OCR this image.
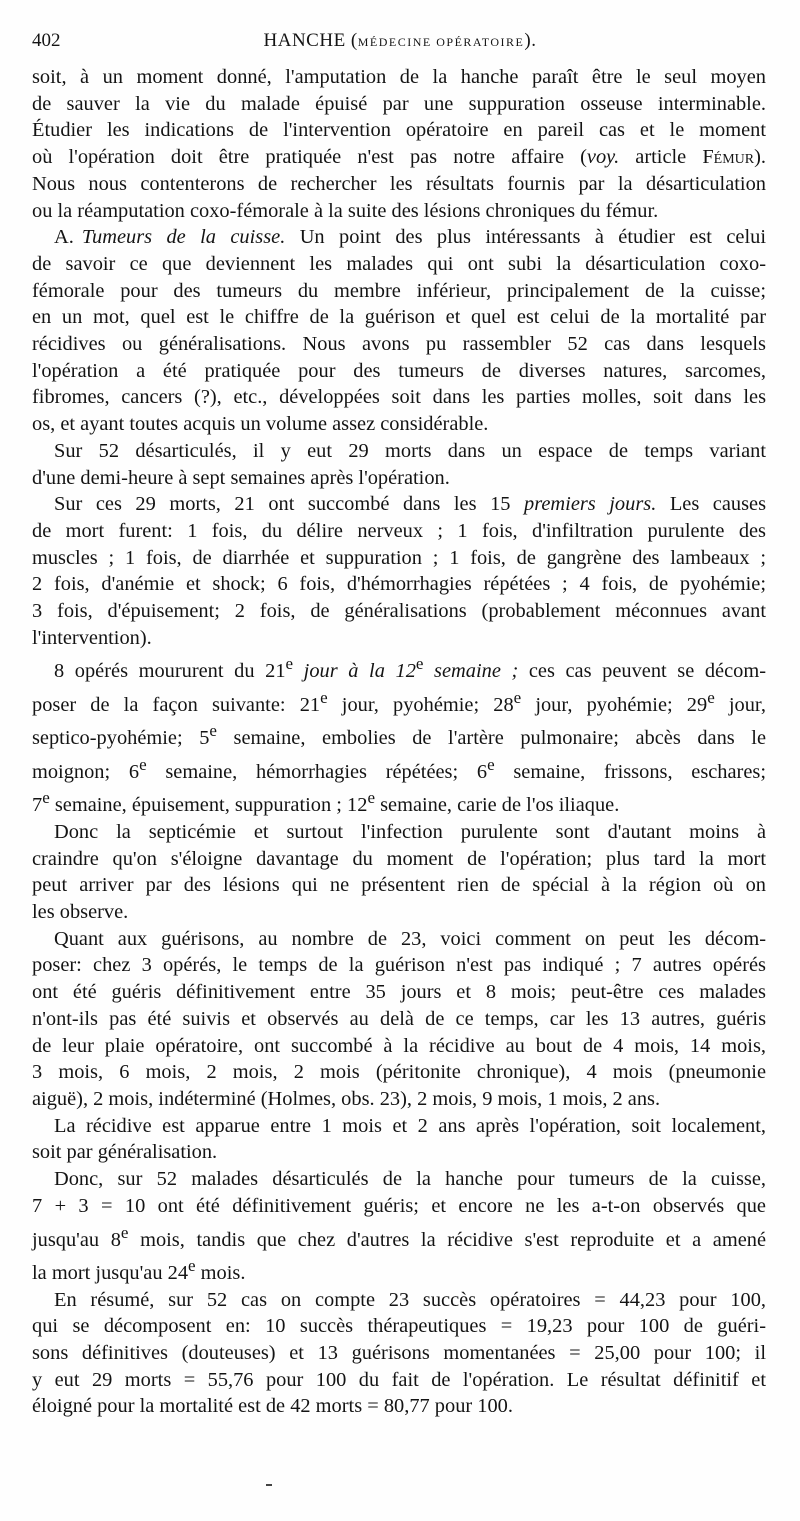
402	HANCHE (MÉDECINE OPÉRATOIRE).

soit, à un moment donné, l'amputation de la hanche paraît être le seul moyen
de sauver la vie du malade épuisé par une suppuration osseuse interminable.
Étudier les indications de l'intervention opératoire en pareil cas et le moment
où l'opération doit être pratiquée n'est pas notre affaire (voy. article Fémur).
Nous nous contenterons de rechercher les résultats fournis par la désarticulation
ou la réamputation coxo-fémorale à la suite des lésions chroniques du fémur.

A. Tumeurs de la cuisse. Un point des plus intéressants à étudier est celui
de savoir ce que deviennent les malades qui ont subi la désarticulation coxo-
fémorale pour des tumeurs du membre inférieur, principalement de la cuisse;
en un mot, quel est le chiffre de la guérison et quel est celui de la mortalité par
récidives ou généralisations. Nous avons pu rassembler 52 cas dans lesquels
l'opération a été pratiquée pour des tumeurs de diverses natures, sarcomes,
fibromes, cancers (?), etc., développées soit dans les parties molles, soit dans les
os, et ayant toutes acquis un volume assez considérable.

Sur 52 désarticulés, il y eut 29 morts dans un espace de temps variant
d'une demi-heure à sept semaines après l'opération.

Sur ces 29 morts, 21 ont succombé dans les 15 premiers jours. Les causes
de mort furent: 1 fois, du délire nerveux ; 1 fois, d'infiltration purulente des
muscles ; 1 fois, de diarrhée et suppuration ; 1 fois, de gangrène des lambeaux ;
2 fois, d'anémie et shock; 6 fois, d'hémorrhagies répétées ; 4 fois, de pyohémie;
3 fois, d'épuisement; 2 fois, de généralisations (probablement méconnues avant
l'intervention).

8 opérés moururent du 21e jour à la 12e semaine ; ces cas peuvent se décom-
poser de la façon suivante: 21e jour, pyohémie; 28e jour, pyohémie; 29e jour,
septico-pyohémie; 5e semaine, embolies de l'artère pulmonaire; abcès dans le
moignon; 6e semaine, hémorrhagies répétées; 6e semaine, frissons, eschares;
7e semaine, épuisement, suppuration ; 12e semaine, carie de l'os iliaque.

Donc la septicémie et surtout l'infection purulente sont d'autant moins à
craindre qu'on s'éloigne davantage du moment de l'opération; plus tard la mort
peut arriver par des lésions qui ne présentent rien de spécial à la région où on
les observe.

Quant aux guérisons, au nombre de 23, voici comment on peut les décom-
poser: chez 3 opérés, le temps de la guérison n'est pas indiqué ; 7 autres opérés
ont été guéris définitivement entre 35 jours et 8 mois; peut-être ces malades
n'ont-ils pas été suivis et observés au delà de ce temps, car les 13 autres, guéris
de leur plaie opératoire, ont succombé à la récidive au bout de 4 mois, 14 mois,
3 mois, 6 mois, 2 mois, 2 mois (péritonite chronique), 4 mois (pneumonie
aiguë), 2 mois, indéterminé (Holmes, obs. 23), 2 mois, 9 mois, 1 mois, 2 ans.

La récidive est apparue entre 1 mois et 2 ans après l'opération, soit localement,
soit par généralisation.

Donc, sur 52 malades désarticulés de la hanche pour tumeurs de la cuisse,
7 + 3 = 10 ont été définitivement guéris; et encore ne les a-t-on observés que
jusqu'au 8e mois, tandis que chez d'autres la récidive s'est reproduite et a amené
la mort jusqu'au 24e mois.

En résumé, sur 52 cas on compte 23 succès opératoires = 44,23 pour 100,
qui se décomposent en: 10 succès thérapeutiques = 19,23 pour 100 de guéri-
sons définitives (douteuses) et 13 guérisons momentanées = 25,00 pour 100; il
y eut 29 morts = 55,76 pour 100 du fait de l'opération. Le résultat définitif et
éloigné pour la mortalité est de 42 morts = 80,77 pour 100.
